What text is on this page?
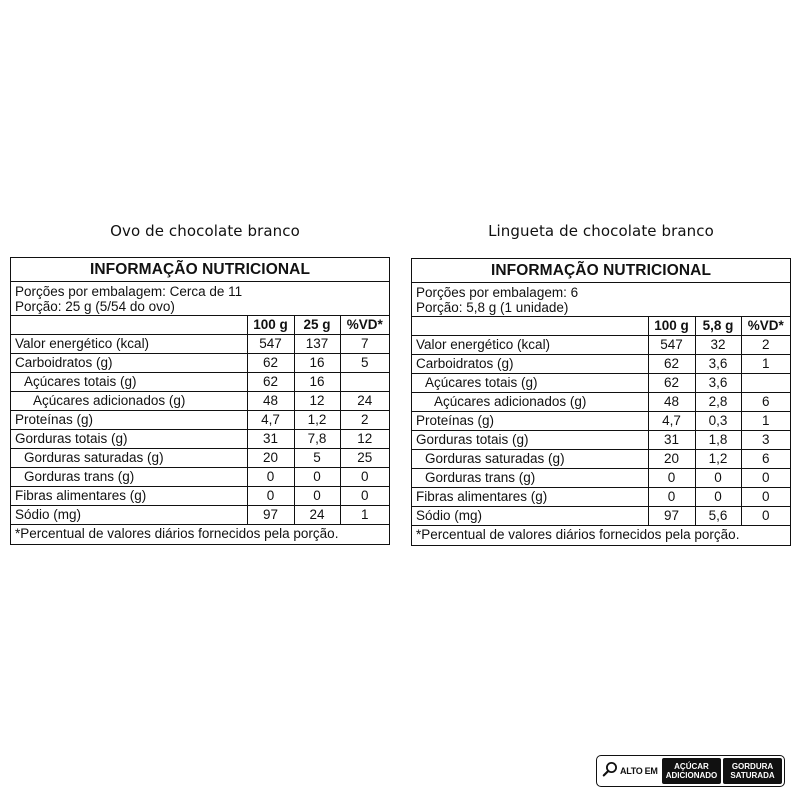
Ovo de chocolate branco	Lingueta de chocolate branco
INFORMAÇÃO NUTRICIONAL
Porções por embalagem: Cerca de 11
Porção: 25 g (5/54 do ovo)
	100 g	25 g	%VD*
Valor energético (kcal)	547	137	7
Carboidratos (g)	62	16	5
Açúcares totais (g)	62	16	
Açúcares adicionados (g)	48	12	24
Proteínas (g)	4,7	1,2	2
Gorduras totais (g)	31	7,8	12
Gorduras saturadas (g)	20	5	25
Gorduras trans (g)	0	0	0
Fibras alimentares (g)	0	0	0
Sódio (mg)	97	24	1
*Percentual de valores diários fornecidos pela porção.
INFORMAÇÃO NUTRICIONAL
Porções por embalagem: 6
Porção: 5,8 g (1 unidade)
	100 g	5,8 g	%VD*
Valor energético (kcal)	547	32	2
Carboidratos (g)	62	3,6	1
Açúcares totais (g)	62	3,6	
Açúcares adicionados (g)	48	2,8	6
Proteínas (g)	4,7	0,3	1
Gorduras totais (g)	31	1,8	3
Gorduras saturadas (g)	20	1,2	6
Gorduras trans (g)	0	0	0
Fibras alimentares (g)	0	0	0
Sódio (mg)	97	5,6	0
*Percentual de valores diários fornecidos pela porção.
ALTO EM	AÇÚCAR
ADICIONADO
GORDURA
SATURADA
